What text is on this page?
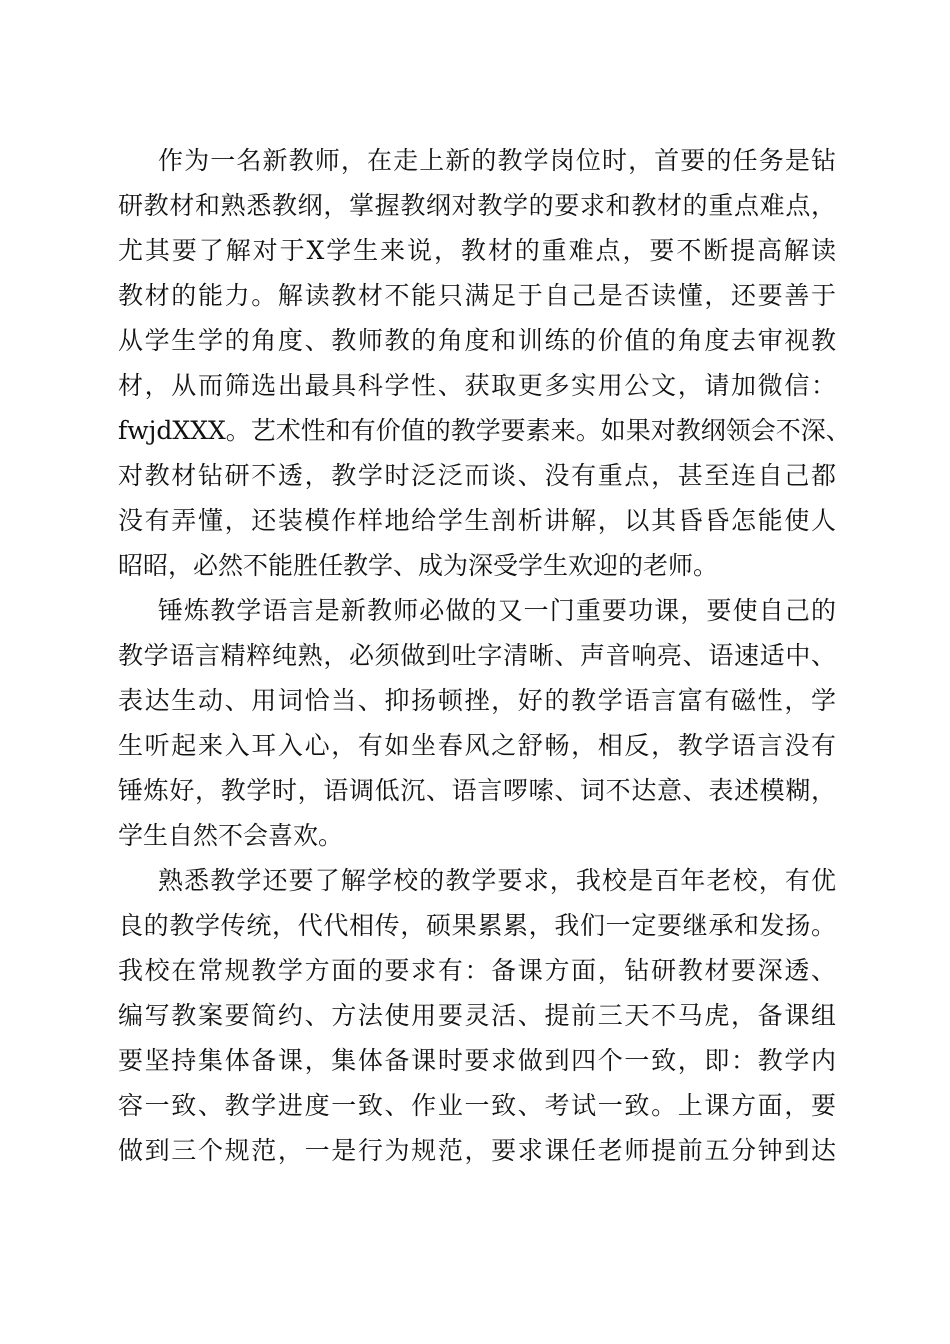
作为一名新教师，在走上新的教学岗位时，首要的任务是钻
研教材和熟悉教纲，掌握教纲对教学的要求和教材的重点难点，
尤其要了解对于X学生来说，教材的重难点，要不断提高解读
教材的能力。解读教材不能只满足于自己是否读懂，还要善于
从学生学的角度、教师教的角度和训练的价值的角度去审视教
材，从而筛选出最具科学性、获取更多实用公文，请加微信：
fwjdXXX。艺术性和有价值的教学要素来。如果对教纲领会不深、
对教材钻研不透，教学时泛泛而谈、没有重点，甚至连自己都
没有弄懂，还装模作样地给学生剖析讲解，以其昏昏怎能使人
昭昭，必然不能胜任教学、成为深受学生欢迎的老师。
锤炼教学语言是新教师必做的又一门重要功课，要使自己的
教学语言精粹纯熟，必须做到吐字清晰、声音响亮、语速适中、
表达生动、用词恰当、抑扬顿挫，好的教学语言富有磁性，学
生听起来入耳入心，有如坐春风之舒畅，相反，教学语言没有
锤炼好，教学时，语调低沉、语言啰嗦、词不达意、表述模糊，
学生自然不会喜欢。
熟悉教学还要了解学校的教学要求，我校是百年老校，有优
良的教学传统，代代相传，硕果累累，我们一定要继承和发扬。
我校在常规教学方面的要求有：备课方面，钻研教材要深透、
编写教案要简约、方法使用要灵活、提前三天不马虎，备课组
要坚持集体备课，集体备课时要求做到四个一致，即：教学内
容一致、教学进度一致、作业一致、考试一致。上课方面，要
做到三个规范，一是行为规范，要求课任老师提前五分钟到达
